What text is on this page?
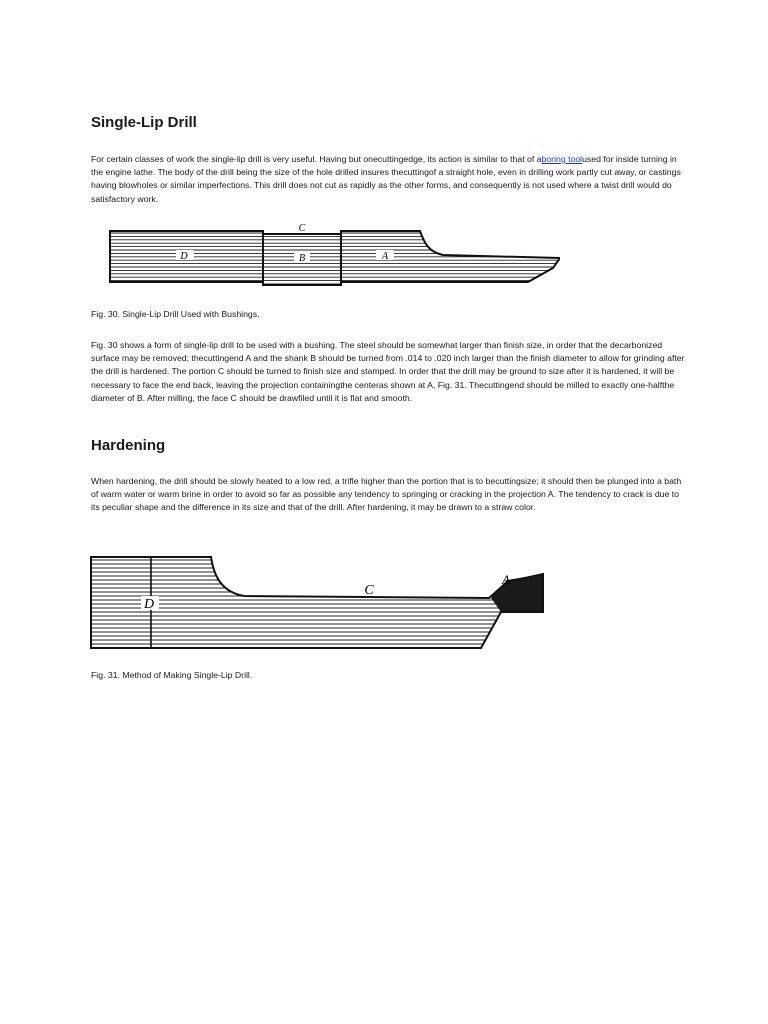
Single-Lip Drill

For certain classes of work the single-lip drill is very useful. Having but onecuttingedge, its action is similar to that of aboring toolused for inside turning in the engine lathe. The body of the drill being the size of the hole drilled insures thecuttingof a straight hole, even in drilling work partly cut away, or castings having blowholes or similar imperfections. This drill does not cut as rapidly as the other forms, and consequently is not used where a twist drill would do satisfactory work.

D
C
B	A

Fig. 30. Single-Lip Drill Used with Bushings.

Fig. 30 shows a form of single-lip drill to be used with a bushing. The steel should be somewhat larger than finish size, in order that the decarbonized surface may be removed; thecuttingend A and the shank B should be turned from .014 to .020 inch larger than the finish diameter to allow for grinding after the drill is hardened. The portion C should be turned to finish size and stamped. In order that the drill may be ground to size after it is hardened, it will be necessary to face the end back, leaving the projection containingthe centeras shown at A, Fig. 31. Thecuttingend should be milled to exactly one-halfthe diameter of B. After milling, the face C should be drawfiled until it is flat and smooth.

Hardening

When hardening, the drill should be slowly heated to a low red, a trifle higher than the portion that is to becuttingsize; it should then be plunged into a bath of warm water or warm brine in order to avoid so far as possible any tendency to springing or cracking in the projection A. The tendency to crack is due to its peculiar shape and the difference in its size and that of the drill. After hardening, it may be drawn to a straw color.

D
C
A

Fig. 31. Method of Making Single-Lip Drill.
